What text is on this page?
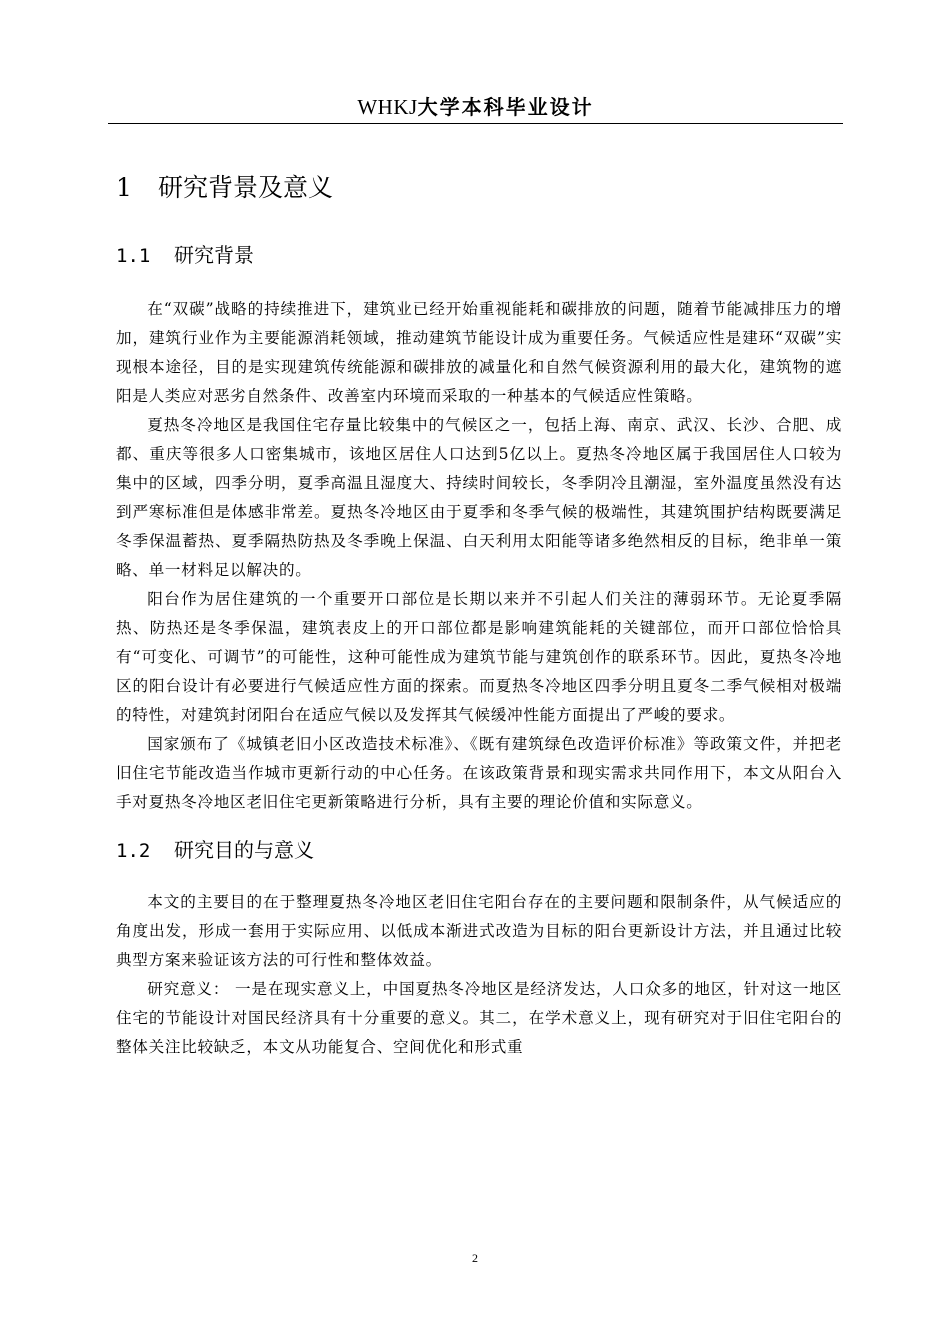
WHKJ大学本科毕业设计
1 研究背景及意义
1.1 研究背景

在“双碳”战略的持续推进下，建筑业已经开始重视能耗和碳排放的问题，随着节能减排压力的增加，建筑行业作为主要能源消耗领域，推动建筑节能设计成为重要任务。气候适应性是建环“双碳”实现根本途径，目的是实现建筑传统能源和碳排放的减量化和自然气候资源利用的最大化，建筑物的遮阳是人类应对恶劣自然条件、改善室内环境而采取的一种基本的气候适应性策略。

夏热冬冷地区是我国住宅存量比较集中的气候区之一，包括上海、南京、武汉、长沙、合肥、成都、重庆等很多人口密集城市，该地区居住人口达到5亿以上。夏热冬冷地区属于我国居住人口较为集中的区域，四季分明，夏季高温且湿度大、持续时间较长，冬季阴冷且潮湿，室外温度虽然没有达到严寒标准但是体感非常差。夏热冬冷地区由于夏季和冬季气候的极端性，其建筑围护结构既要满足冬季保温蓄热、夏季隔热防热及冬季晚上保温、白天利用太阳能等诸多绝然相反的目标，绝非单一策略、单一材料足以解决的。

阳台作为居住建筑的一个重要开口部位是长期以来并不引起人们关注的薄弱环节。无论夏季隔热、防热还是冬季保温，建筑表皮上的开口部位都是影响建筑能耗的关键部位，而开口部位恰恰具有“可变化、可调节”的可能性，这种可能性成为建筑节能与建筑创作的联系环节。因此，夏热冬冷地区的阳台设计有必要进行气候适应性方面的探索。而夏热冬冷地区四季分明且夏冬二季气候相对极端的特性，对建筑封闭阳台在适应气候以及发挥其气候缓冲性能方面提出了严峻的要求。

国家颁布了《城镇老旧小区改造技术标准》、《既有建筑绿色改造评价标准》等政策文件，并把老旧住宅节能改造当作城市更新行动的中心任务。在该政策背景和现实需求共同作用下，本文从阳台入手对夏热冬冷地区老旧住宅更新策略进行分析，具有主要的理论价值和实际意义。

1.2 研究目的与意义

本文的主要目的在于整理夏热冬冷地区老旧住宅阳台存在的主要问题和限制条件，从气候适应的角度出发，形成一套用于实际应用、以低成本渐进式改造为目标的阳台更新设计方法，并且通过比较典型方案来验证该方法的可行性和整体效益。

研究意义： 一是在现实意义上，中国夏热冬冷地区是经济发达，人口众多的地区，针对这一地区住宅的节能设计对国民经济具有十分重要的意义。其二，在学术意义上，现有研究对于旧住宅阳台的整体关注比较缺乏，本文从功能复合、空间优化和形式重

2
